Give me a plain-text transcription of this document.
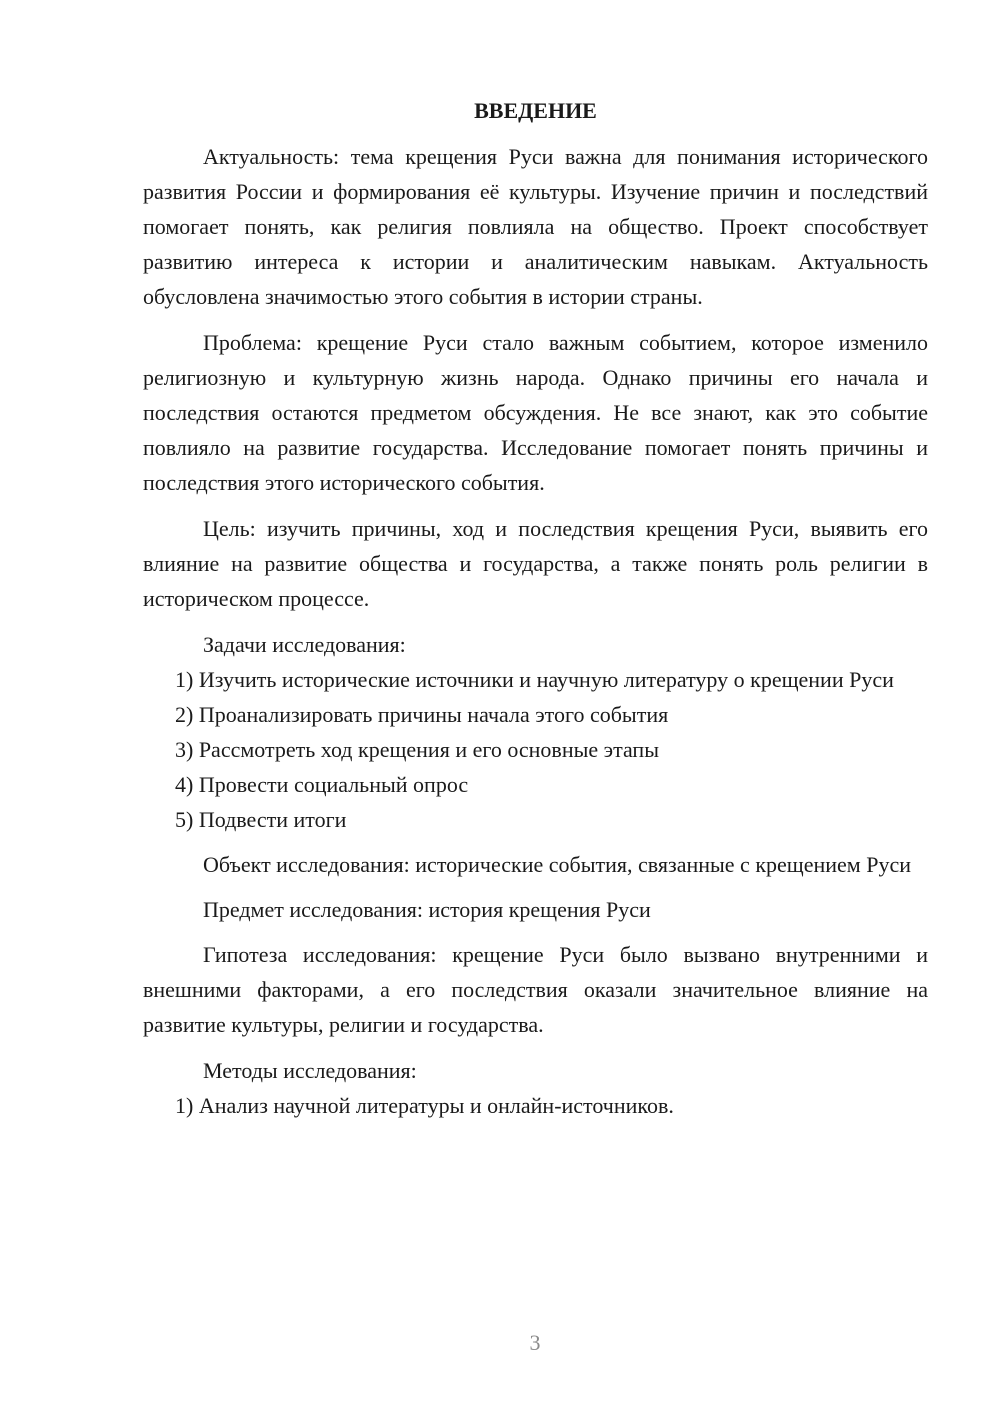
ВВЕДЕНИЕ

Актуальность: тема крещения Руси важна для понимания исторического развития России и формирования её культуры. Изучение причин и последствий помогает понять, как религия повлияла на общество. Проект способствует развитию интереса к истории и аналитическим навыкам. Актуальность обусловлена значимостью этого события в истории страны.

Проблема: крещение Руси стало важным событием, которое изменило религиозную и культурную жизнь народа. Однако причины его начала и последствия остаются предметом обсуждения. Не все знают, как это событие повлияло на развитие государства. Исследование помогает понять причины и последствия этого исторического события.

Цель: изучить причины, ход и последствия крещения Руси, выявить его влияние на развитие общества и государства, а также понять роль религии в историческом процессе.

Задачи исследования:

1) Изучить исторические источники и научную литературу о крещении Руси

2) Проанализировать причины начала этого события

3) Рассмотреть ход крещения и его основные этапы

4) Провести социальный опрос

5) Подвести итоги

Объект исследования: исторические события, связанные с крещением Руси

Предмет исследования: история крещения Руси

Гипотеза исследования: крещение Руси было вызвано внутренними и внешними факторами, а его последствия оказали значительное влияние на развитие культуры, религии и государства.

Методы исследования:

1) Анализ научной литературы и онлайн-источников.

3
